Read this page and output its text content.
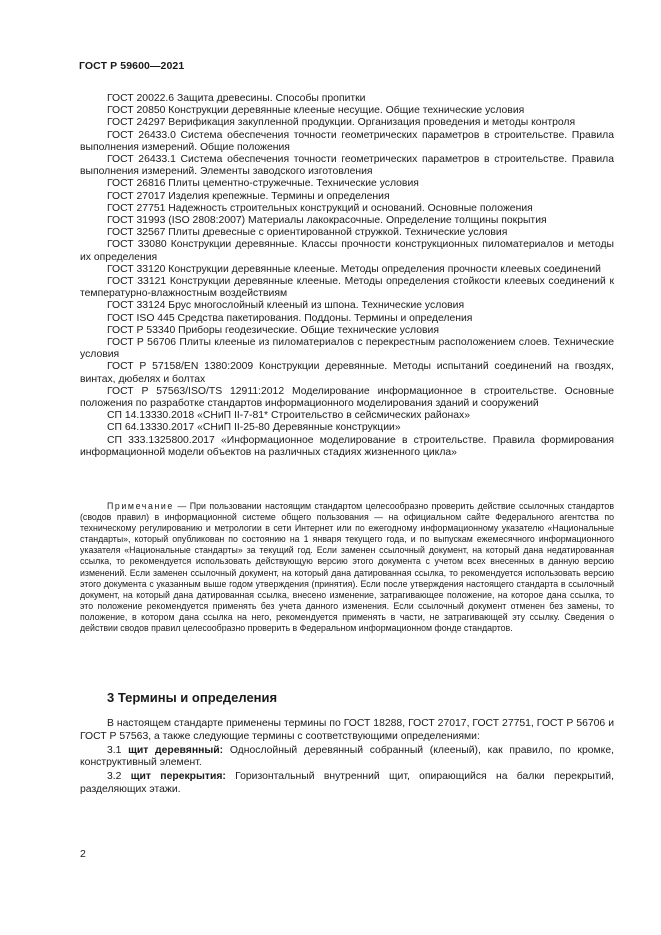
ГОСТ Р 59600—2021

ГОСТ 20022.6 Защита древесины. Способы пропитки

ГОСТ 20850 Конструкции деревянные клееные несущие. Общие технические условия

ГОСТ 24297 Верификация закупленной продукции. Организация проведения и методы контроля

ГОСТ 26433.0 Система обеспечения точности геометрических параметров в строительстве. Правила выполнения измерений. Общие положения

ГОСТ 26433.1 Система обеспечения точности геометрических параметров в строительстве. Правила выполнения измерений. Элементы заводского изготовления

ГОСТ 26816 Плиты цементно-стружечные. Технические условия

ГОСТ 27017 Изделия крепежные. Термины и определения

ГОСТ 27751 Надежность строительных конструкций и оснований. Основные положения

ГОСТ 31993 (ISO 2808:2007) Материалы лакокрасочные. Определение толщины покрытия

ГОСТ 32567 Плиты древесные с ориентированной стружкой. Технические условия

ГОСТ 33080 Конструкции деревянные. Классы прочности конструкционных пиломатериалов и методы их определения

ГОСТ 33120 Конструкции деревянные клееные. Методы определения прочности клеевых соединений

ГОСТ 33121 Конструкции деревянные клееные. Методы определения стойкости клеевых соединений к температурно-влажностным воздействиям

ГОСТ 33124 Брус многослойный клееный из шпона. Технические условия

ГОСТ ISO 445 Средства пакетирования. Поддоны. Термины и определения

ГОСТ Р 53340 Приборы геодезические. Общие технические условия

ГОСТ Р 56706 Плиты клееные из пиломатериалов с перекрестным расположением слоев. Технические условия

ГОСТ Р 57158/EN 1380:2009 Конструкции деревянные. Методы испытаний соединений на гвоздях, винтах, дюбелях и болтах

ГОСТ Р 57563/ISO/TS 12911:2012 Моделирование информационное в строительстве. Основные положения по разработке стандартов информационного моделирования зданий и сооружений

СП 14.13330.2018 «СНиП II-7-81* Строительство в сейсмических районах»

СП 64.13330.2017 «СНиП II-25-80 Деревянные конструкции»

СП 333.1325800.2017 «Информационное моделирование в строительстве. Правила формирования информационной модели объектов на различных стадиях жизненного цикла»

Примечание — При пользовании настоящим стандартом целесообразно проверить действие ссылочных стандартов (сводов правил) в информационной системе общего пользования — на официальном сайте Федерального агентства по техническому регулированию и метрологии в сети Интернет или по ежегодному информационному указателю «Национальные стандарты», который опубликован по состоянию на 1 января текущего года, и по выпускам ежемесячного информационного указателя «Национальные стандарты» за текущий год. Если заменен ссылочный документ, на который дана недатированная ссылка, то рекомендуется использовать действующую версию этого документа с учетом всех внесенных в данную версию изменений. Если заменен ссылочный документ, на который дана датированная ссылка, то рекомендуется использовать версию этого документа с указанным выше годом утверждения (принятия). Если после утверждения настоящего стандарта в ссылочный документ, на который дана датированная ссылка, внесено изменение, затрагивающее положение, на которое дана ссылка, то это положение рекомендуется применять без учета данного изменения. Если ссылочный документ отменен без замены, то положение, в котором дана ссылка на него, рекомендуется применять в части, не затрагивающей эту ссылку. Сведения о действии сводов правил целесообразно проверить в Федеральном информационном фонде стандартов.
3 Термины и определения

В настоящем стандарте применены термины по ГОСТ 18288, ГОСТ 27017, ГОСТ 27751, ГОСТ Р 56706 и ГОСТ Р 57563, а также следующие термины с соответствующими определениями:

3.1 щит деревянный: Однослойный деревянный собранный (клееный), как правило, по кромке, конструктивный элемент.

3.2 щит перекрытия: Горизонтальный внутренний щит, опирающийся на балки перекрытий, разделяющих этажи.

2
